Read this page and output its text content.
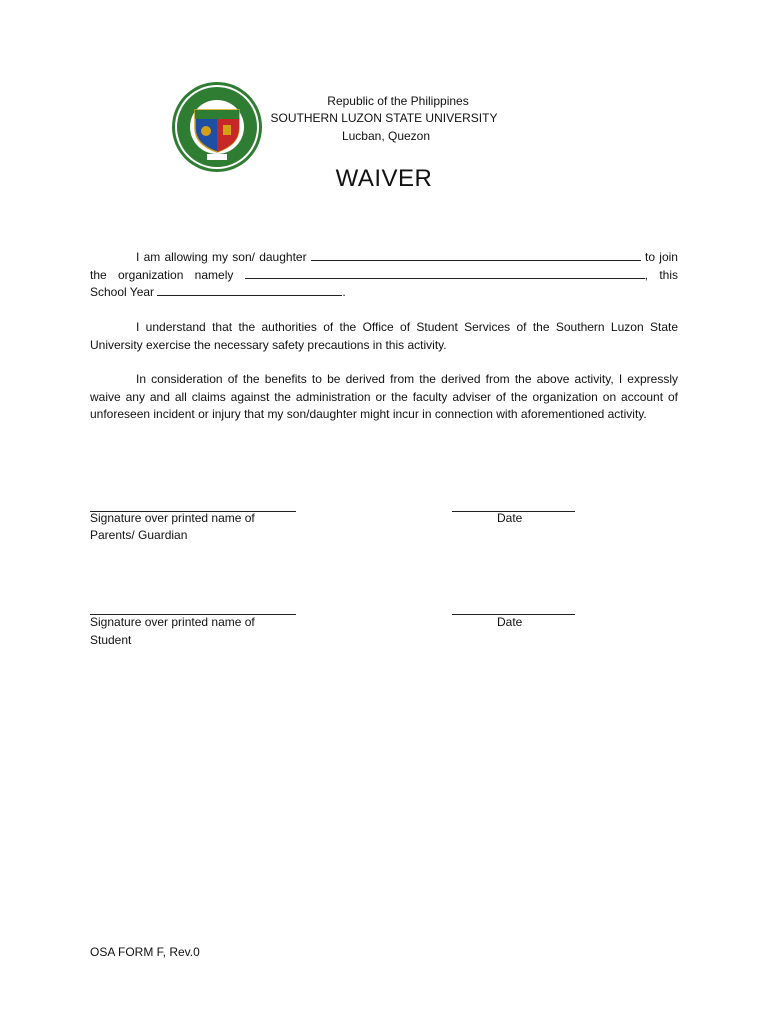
Republic of the Philippines
SOUTHERN LUZON STATE UNIVERSITY
Lucban, Quezon
WAIVER
I am allowing my son/ daughter	to join the organization namely	, this School Year	.
I understand that the authorities of the Office of Student Services of the Southern Luzon State University exercise the necessary safety precautions in this activity.
In consideration of the benefits to be derived from the derived from the above activity, I expressly waive any and all claims against the administration or the faculty adviser of the organization on account of unforeseen incident or injury that my son/daughter might incur in connection with aforementioned activity.
Signature over printed name of
Parents/ Guardian
Date
Signature over printed name of
Student
Date
OSA FORM F, Rev.0
